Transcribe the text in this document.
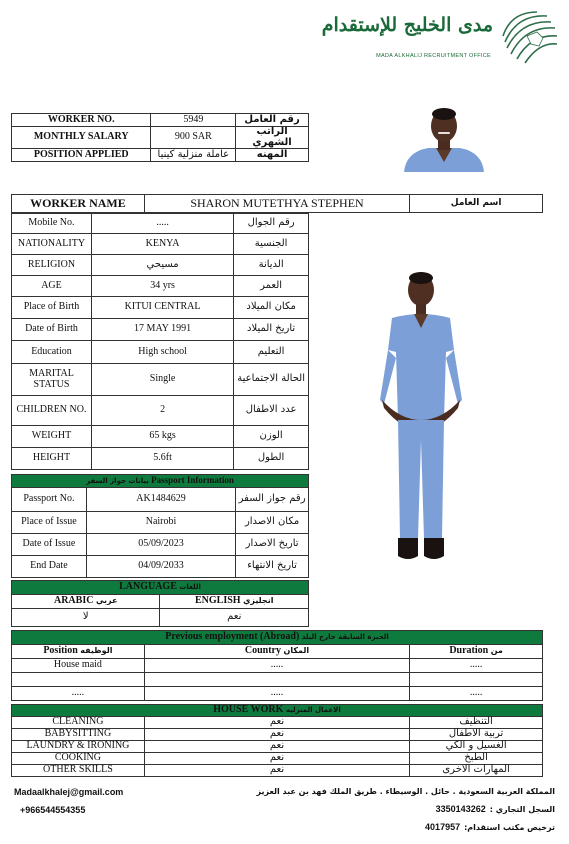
مدى الخليج للإستقدام
MADA ALKHALIJ RECRUITMENT OFFICE
WORKER NO.	5949	رقم العامل
MONTHLY SALARY	900 SAR	الراتب الشهري
POSITION APPLIED	عاملة منزلية كينيا	المهنه
WORKER NAME	SHARON MUTETHYA STEPHEN	اسم العامل
Mobile No.	.....	رقم الجوال
NATIONALITY	KENYA	الجنسية
RELIGION	مسيحي	الديانة
AGE	34 yrs	العمر
Place of Birth	KITUI CENTRAL	مكان الميلاد
Date of Birth	17 MAY 1991	تاريخ الميلاد
Education	High school	التعليم
MARITAL STATUS	Single	الحالة الاجتماعية
CHILDREN NO.	2	عدد الاطفال
WEIGHT	65 kgs	الوزن
HEIGHT	5.6ft	الطول
بيانات جواز السفر Passport Information		
Passport No.	AK1484629	رقم جواز السفر
Place of Issue	Nairobi	مكان الاصدار
Date of Issue	05/09/2023	تاريخ الاصدار
End Date	04/09/2033	تاريخ الانتهاء
LANGUAGE اللغات	
ARABIC عربي	ENGLISH انجليزي
لا	نعم
Previous employment (Abroad) الخبرة السابقة خارج البلد		
Position الوظيفه	Country المكان	Duration من
House maid	.....	.....

.....	.....	.....
HOUSE WORK الاعمال المنزليه		
CLEANING	نعم	التنظيف
BABYSITTING	نعم	تربية الاطفال
LAUNDRY & IRONING	نعم	الغسيل و الكي
COOKING	نعم	الطبخ
OTHER SKILLS	نعم	المهارات الاخرى
Madaalkhalej@gmail.com
+966544554355
المملكة العربية السعودية . حائل . الوسيطاء . طريق الملك فهد بن عبد العزيز
3350143262 السجل التجاري :
4017957 ترخيص مكتب استقدام:
